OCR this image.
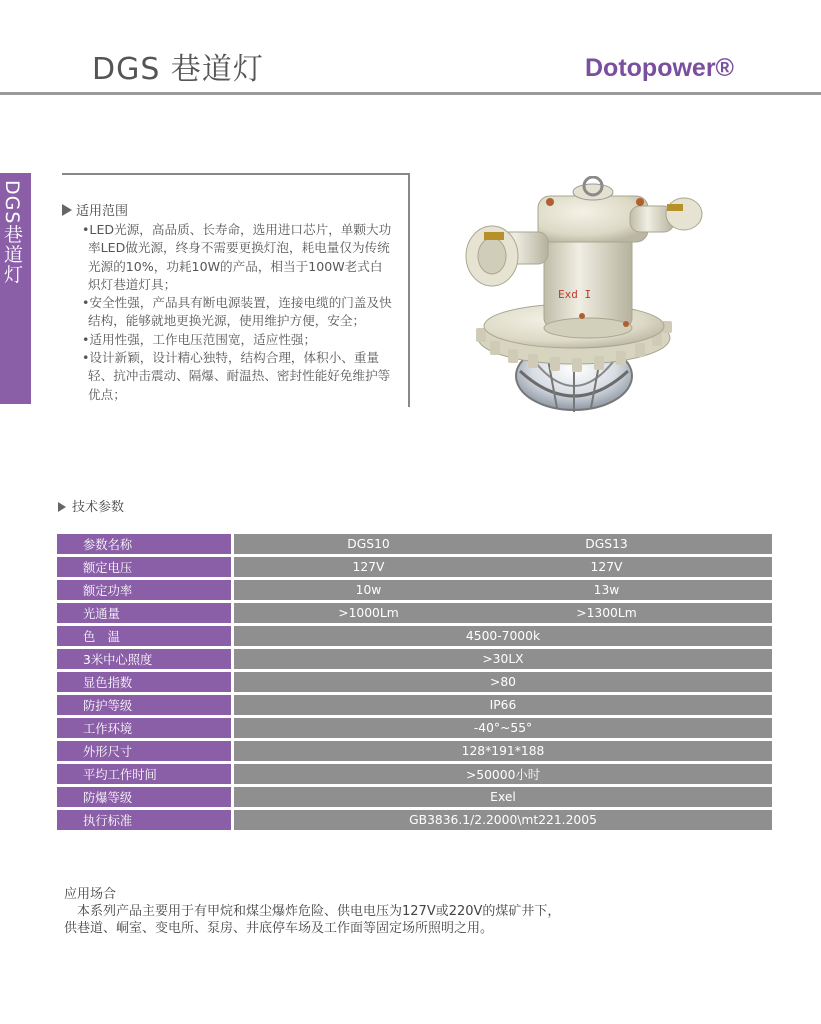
DGS 巷道灯	Dotopower®
DGS巷道灯	适用范围
•LED光源，高品质、长寿命，选用进口芯片，单颗大功率LED做光源，终身不需要更换灯泡，耗电量仅为传统光源的10%，功耗10W的产品，相当于100W老式白炽灯巷道灯具；
•安全性强，产品具有断电源装置，连接电缆的门盖及快结构，能够就地更换光源，使用维护方便，安全；
•适用性强，工作电压范围宽，适应性强；
•设计新颖，设计精心独特，结构合理，体积小、重量轻、抗冲击震动、隔爆、耐温热、密封性能好免维护等优点；
Exd I
技术参数
参数名称	DGS10	DGS13
额定电压	127V	127V
额定功率	10w	13w
光通量	>1000Lm	>1300Lm
色　温	4500-7000k	
3米中心照度	>30LX	
显色指数	>80	
防护等级	IP66	
工作环境	-40°~55°	
外形尺寸	128*191*188	
平均工作时间	>50000小时	
防爆等级	Exel	
执行标准	GB3836.1/2.2000\mt221.2005	
应用场合
本系列产品主要用于有甲烷和煤尘爆炸危险、供电电压为127V或220V的煤矿井下，
供巷道、峒室、变电所、泵房、井底停车场及工作面等固定场所照明之用。
